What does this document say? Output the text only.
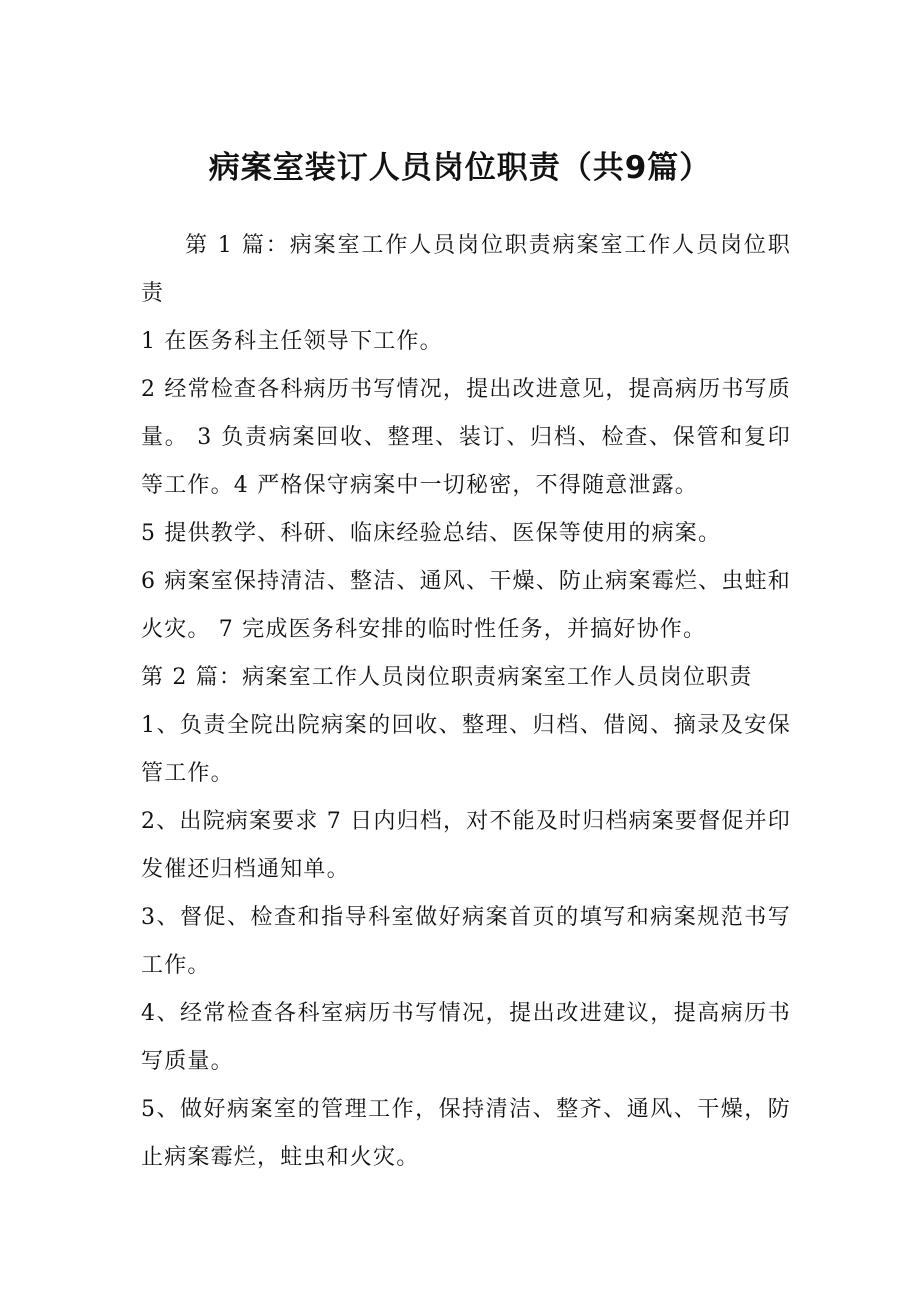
病案室装订人员岗位职责（共9篇）

第 1 篇：病案室工作人员岗位职责病案室工作人员岗位职责

1 在医务科主任领导下工作。

2 经常检查各科病历书写情况，提出改进意见，提高病历书写质量。 3 负责病案回收、整理、装订、归档、检查、保管和复印等工作。4 严格保守病案中一切秘密，不得随意泄露。

5 提供教学、科研、临床经验总结、医保等使用的病案。

6 病案室保持清洁、整洁、通风、干燥、防止病案霉烂、虫蛀和火灾。 7 完成医务科安排的临时性任务，并搞好协作。

第 2 篇：病案室工作人员岗位职责病案室工作人员岗位职责

1、负责全院出院病案的回收、整理、归档、借阅、摘录及安保管工作。

2、出院病案要求 7 日内归档，对不能及时归档病案要督促并印发催还归档通知单。

3、督促、检查和指导科室做好病案首页的填写和病案规范书写工作。

4、经常检查各科室病历书写情况，提出改进建议，提高病历书写质量。

5、做好病案室的管理工作，保持清洁、整齐、通风、干燥，防止病案霉烂，蛀虫和火灾。
